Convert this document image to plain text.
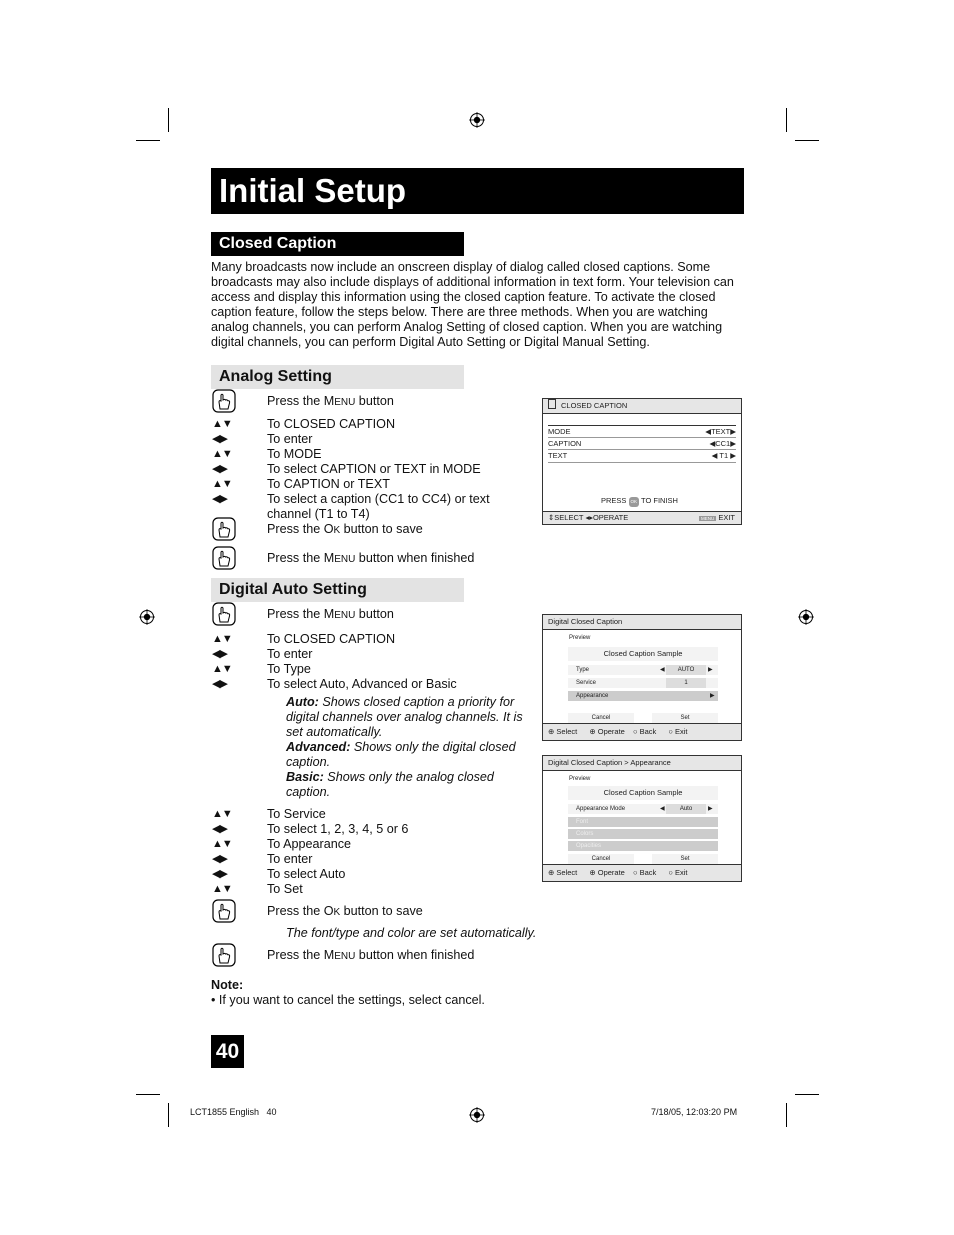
Initial Setup
Closed Caption
Many broadcasts now include an onscreen display of dialog called closed captions. Some broadcasts may also include displays of additional information in text form. Your television can access and display this information using the closed caption feature. To activate the closed caption feature, follow the steps below. There are three methods. When you are watching analog channels, you can perform Analog Setting of closed caption. When you are watching digital channels, you can perform Digital Auto Setting or Digital Manual Setting.
Analog Setting
Press the MENU button
▲▼	To CLOSED CAPTION
◀▶	To enter
▲▼	To MODE
◀▶	To select CAPTION or TEXT in MODE
▲▼	To CAPTION or TEXT
◀▶	To select a caption (CC1 to CC4) or text
channel (T1 to T4)
Press the OK button to save
Press the MENU button when finished
Digital Auto Setting
Press the MENU button
▲▼	To CLOSED CAPTION
◀▶	To enter
▲▼	To Type
◀▶	To select Auto, Advanced or Basic
▲▼	To Service
◀▶	To select 1, 2, 3, 4, 5 or 6
▲▼	To Appearance
◀▶	To enter
◀▶	To select Auto
▲▼	To Set
Press the OK button to save
Press the MENU button when finished
Auto: Shows closed caption a priority for
digital channels over analog channels. It is
set automatically.
Advanced: Shows only the digital closed
caption.
Basic: Shows only the analog closed
caption.
The font/type and color are set automatically.
Note:
• If you want to cancel the settings, select cancel.
40
LCT1855 English   40	7/18/05, 12:03:20 PM
CLOSED CAPTION
MODE	◀TEXT▶
CAPTION	◀CC1▶
TEXT	◀ T1 ▶
PRESS OK TO FINISH
⇕SELECT ◂▸OPERATE	MENU EXIT
Digital Closed Caption
Preview
Closed Caption Sample
Type	◀	AUTO	▶
Service	1
Appearance	▶
Cancel	Set
⊕ Select ⊕ Operate ○ Back ○ Exit
Digital Closed Caption > Appearance
Preview
Closed Caption Sample
Appearance Mode	◀	Auto	▶
Font
Colors
Opacities
Cancel	Set
⊕ Select ⊕ Operate ○ Back ○ Exit
